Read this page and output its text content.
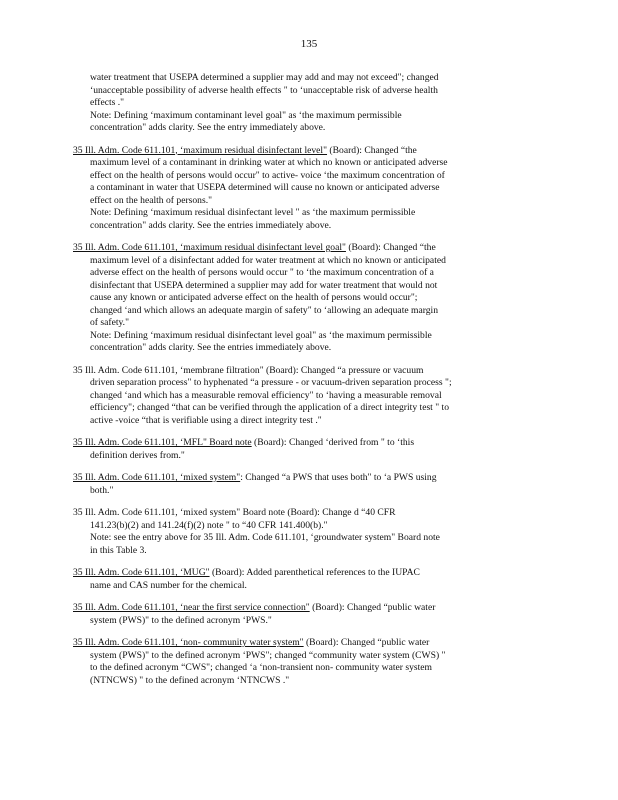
135
water treatment that USEPA determined a supplier may add and may not exceed"; changed
‘unacceptable possibility of adverse health effects " to ‘unacceptable risk of adverse health
effects ."
Note: Defining ‘maximum contaminant level goal" as ‘the maximum permissible
concentration" adds clarity. See the entry immediately above.
35 Ill. Adm. Code 611.101, ‘maximum residual disinfectant level" (Board): Changed “the
maximum level of a contaminant in drinking water at which no known or anticipated adverse
effect on the health of persons would occur" to active- voice ‘the maximum concentration of
a contaminant in water that USEPA determined will cause no known or anticipated adverse
effect on the health of persons."
Note: Defining ‘maximum residual disinfectant level " as ‘the maximum permissible
concentration" adds clarity. See the entries immediately above.
35 Ill. Adm. Code 611.101, ‘maximum residual disinfectant level goal" (Board): Changed “the
maximum level of a disinfectant added for water treatment at which no known or anticipated
adverse effect on the health of persons would occur " to ‘the maximum concentration of a
disinfectant that USEPA determined a supplier may add for water treatment that would not
cause any known or anticipated adverse effect on the health of persons would occur";
changed ‘and which allows an adequate margin of safety" to ‘allowing an adequate margin
of safety."
Note: Defining ‘maximum residual disinfectant level goal" as ‘the maximum permissible
concentration" adds clarity. See the entries immediately above.
35 Ill. Adm. Code 611.101, ‘membrane filtration" (Board): Changed “a pressure or vacuum
driven separation process" to hyphenated “a pressure - or vacuum-driven separation process ";
changed ‘and which has a measurable removal efficiency" to ‘having a measurable removal
efficiency"; changed “that can be verified through the application of a direct integrity test " to
active -voice “that is verifiable using a direct integrity test ."
35 Ill. Adm. Code 611.101, ‘MFL" Board note (Board): Changed ‘derived from " to ‘this
definition derives from."
35 Ill. Adm. Code 611.101, ‘mixed system": Changed “a PWS that uses both" to ‘a PWS using
both."
35 Ill. Adm. Code 611.101, ‘mixed system" Board note (Board): Change d “40 CFR
141.23(b)(2) and 141.24(f)(2) note " to “40 CFR 141.400(b)."
Note: see the entry above for 35 Ill. Adm. Code 611.101, ‘groundwater system" Board note
in this Table 3.
35 Ill. Adm. Code 611.101, ‘MUG" (Board): Added parenthetical references to the IUPAC
name and CAS number for the chemical.
35 Ill. Adm. Code 611.101, ‘near the first service connection" (Board): Changed “public water
system (PWS)" to the defined acronym ‘PWS."
35 Ill. Adm. Code 611.101, ‘non- community water system" (Board): Changed “public water
system (PWS)" to the defined acronym ‘PWS"; changed “community water system (CWS) "
to the defined acronym “CWS"; changed ‘a ‘non-transient non- community water system
(NTNCWS) " to the defined acronym ‘NTNCWS ."
